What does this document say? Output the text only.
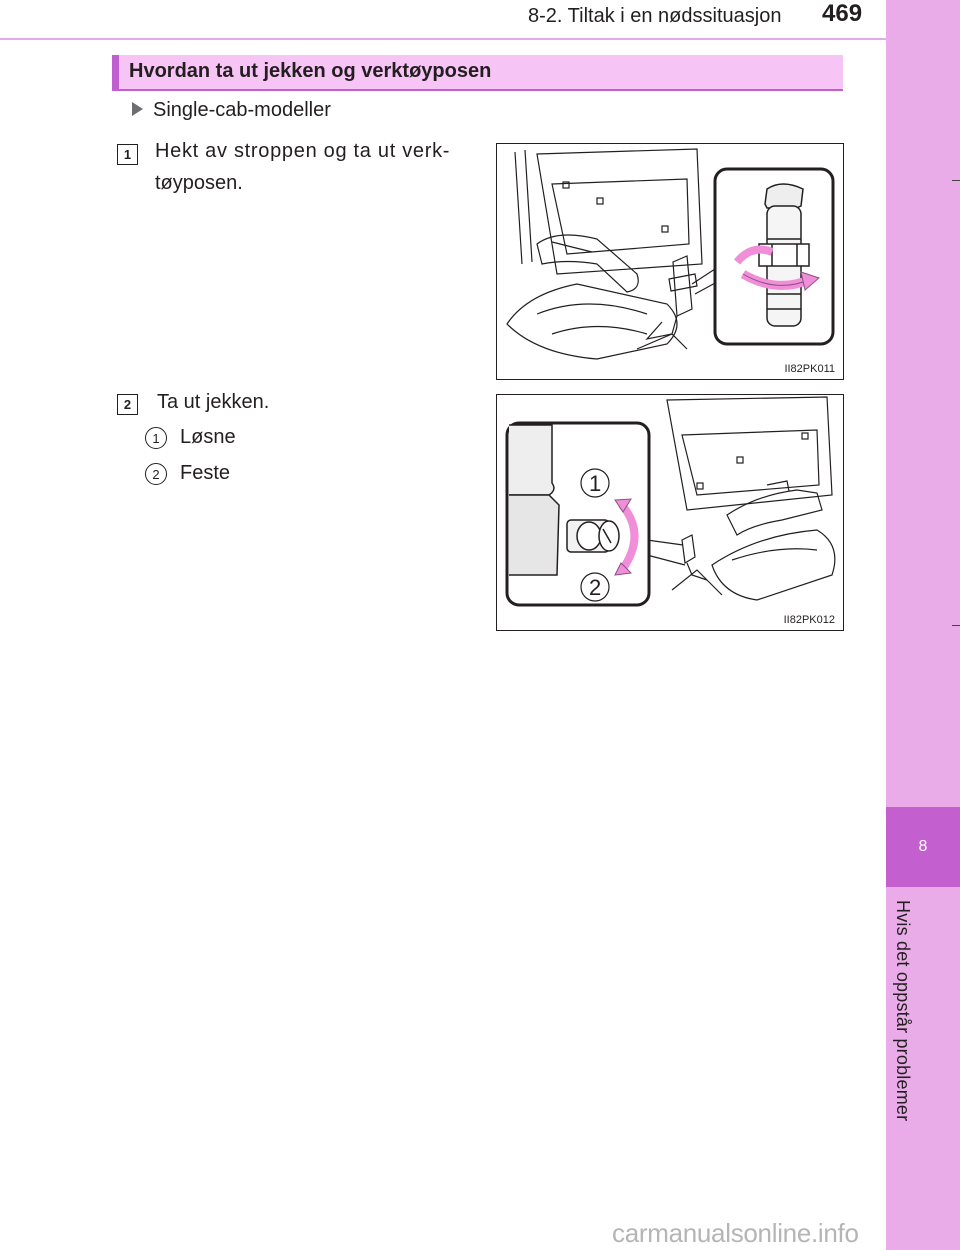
8-2. Tiltak i en nødssituasjon 469
8
Hvis det oppstår problemer
Hvordan ta ut jekken og verktøyposen
Single-cab-modeller
1 Hekt av stroppen og ta ut verk-
tøyposen.
II82PK011
2 Ta ut jekken.
1 Løsne
2 Feste	1
2
II82PK012
carmanualsonline.info
